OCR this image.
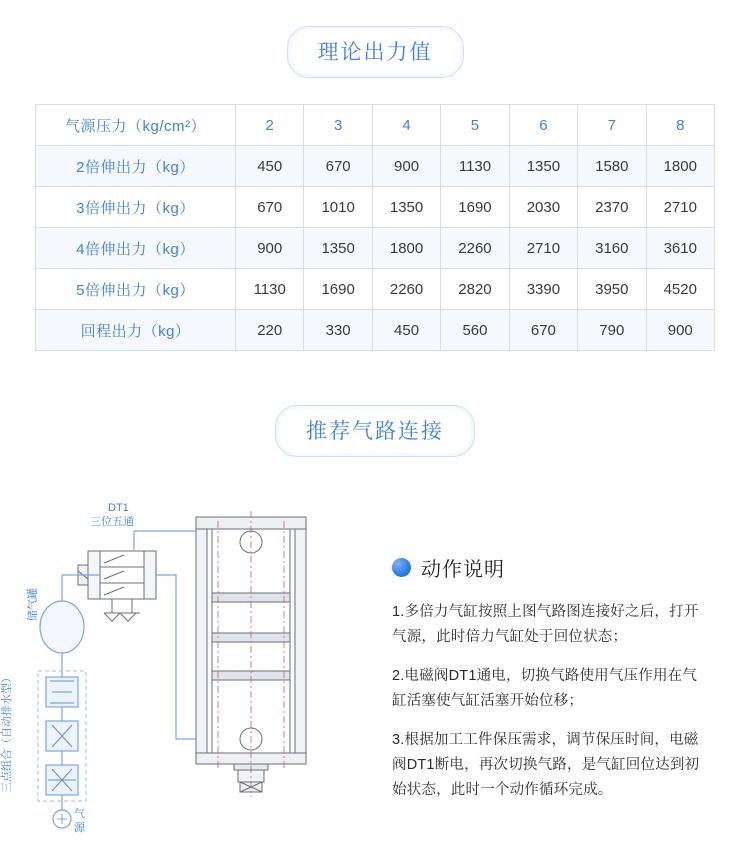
理论出力值
气源压力（kg/cm²）	2	3	4	5	6	7	8
2倍伸出力（kg）	450	670	900	1130	1350	1580	1800
3倍伸出力（kg）	670	1010	1350	1690	2030	2370	2710
4倍伸出力（kg）	900	1350	1800	2260	2710	3160	3610
5倍伸出力（kg）	1130	1690	2260	2820	3390	3950	4520
回程出力（kg）	220	330	450	560	670	790	900
推荐气路连接
DT1
三位五通
储气罐
三点组合（自动排水型）
气
源
动作说明

1.多倍力气缸按照上图气路图连接好之后，打开气源，此时倍力气缸处于回位状态；

2.电磁阀DT1通电，切换气路使用气压作用在气缸活塞使气缸活塞开始位移；

3.根据加工工件保压需求，调节保压时间，电磁阀DT1断电，再次切换气路，是气缸回位达到初始状态，此时一个动作循环完成。
